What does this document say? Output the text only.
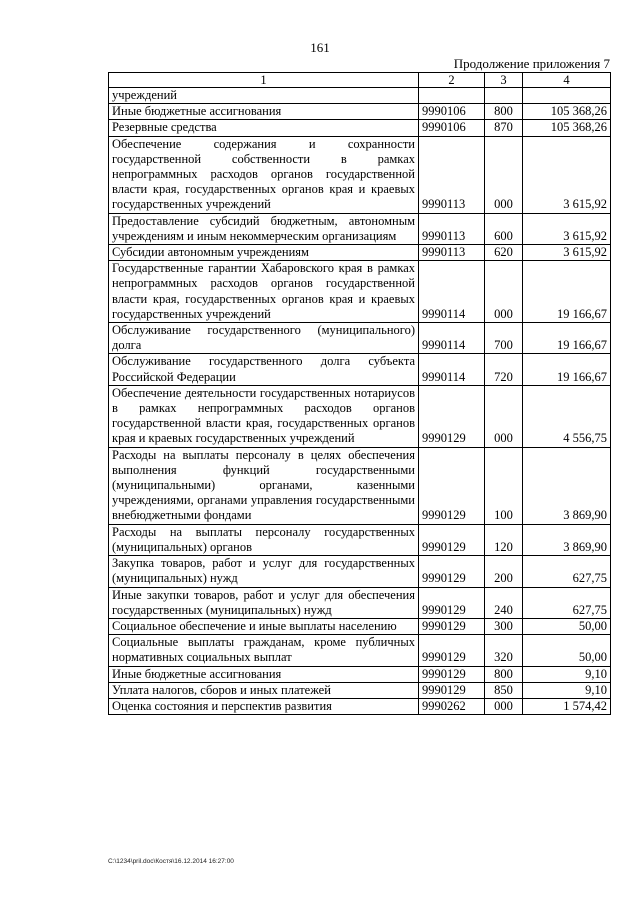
161
Продолжение приложения 7
1	2	3	4
учреждений			
Иные бюджетные ассигнования	9990106	800	105 368,26
Резервные средства	9990106	870	105 368,26
Обеспечение содержания и сохранности государственной собственности в рамках непрограммных расходов органов государственной власти края, государственных органов края и краевых государственных учреждений	9990113	000	3 615,92
Предоставление субсидий бюджетным, автономным учреждениям и иным некоммерческим организациям	9990113	600	3 615,92
Субсидии автономным учреждениям	9990113	620	3 615,92
Государственные гарантии Хабаровского края в рамках непрограммных расходов органов государственной власти края, государственных органов края и краевых государственных учреждений	9990114	000	19 166,67
Обслуживание государственного (муниципального) долга	9990114	700	19 166,67
Обслуживание государственного долга субъекта Российской Федерации	9990114	720	19 166,67
Обеспечение деятельности государственных нотариусов в рамках непрограммных расходов органов государственной власти края, государственных органов края и краевых государственных учреждений	9990129	000	4 556,75
Расходы на выплаты персоналу в целях обеспечения выполнения функций государственными (муниципальными) органами, казенными учреждениями, органами управления государственными внебюджетными фондами	9990129	100	3 869,90
Расходы на выплаты персоналу государственных (муниципальных) органов	9990129	120	3 869,90
Закупка товаров, работ и услуг для государственных (муниципальных) нужд	9990129	200	627,75
Иные закупки товаров, работ и услуг для обеспечения государственных (муниципальных) нужд	9990129	240	627,75
Социальное обеспечение и иные выплаты населению	9990129	300	50,00
Социальные выплаты гражданам, кроме публичных нормативных социальных выплат	9990129	320	50,00
Иные бюджетные ассигнования	9990129	800	9,10
Уплата налогов, сборов и иных платежей	9990129	850	9,10
Оценка состояния и перспектив развития	9990262	000	1 574,42
C:\1234\pril.doc\Костя\16.12.2014 16:27:00
